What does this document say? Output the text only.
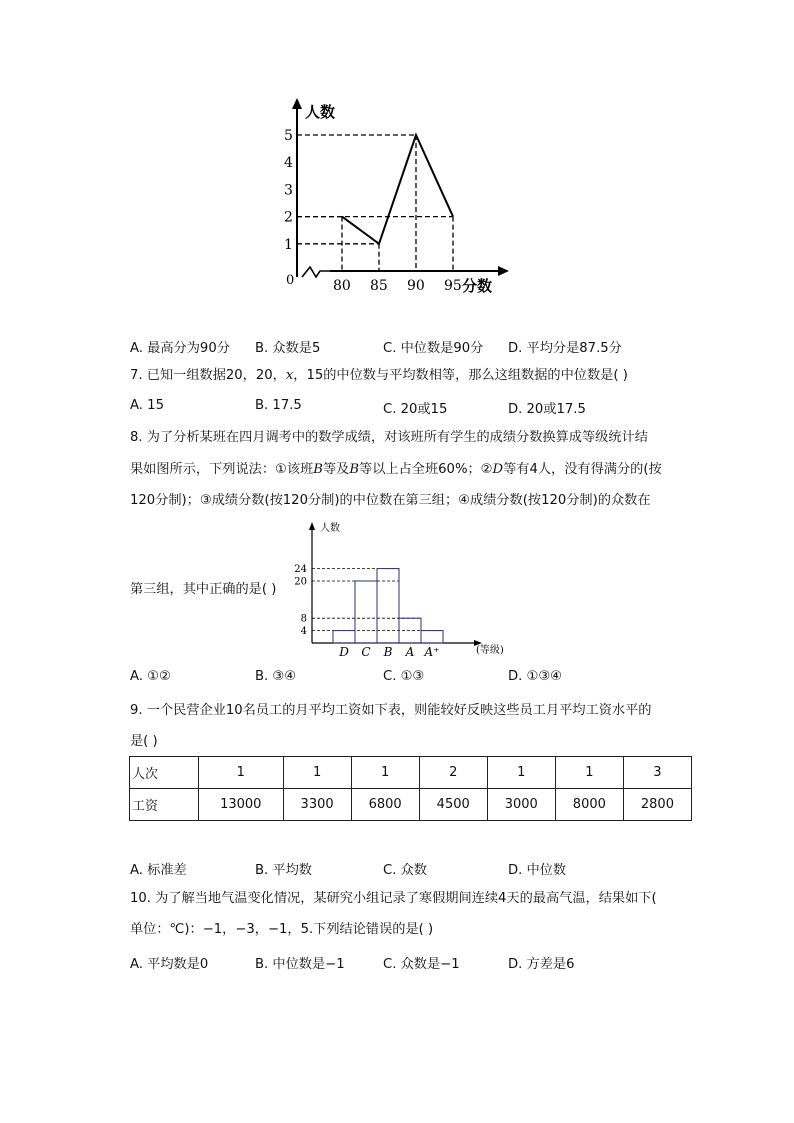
1
2
3
4
5
80 85 90 95
0
人数
分数
A. 最高分为90分 B. 众数是5	C. 中位数是90分 D. 平均分是87.5分
7. 已知一组数据20，20，x，15的中位数与平均数相等，那么这组数据的中位数是( )
A. 15	B. 17.5	C. 20或15	D. 20或17.5
8. 为了分析某班在四月调考中的数学成绩，对该班所有学生的成绩分数换算成等级统计结
果如图所示，下列说法：①该班B等及B等以上占全班60%；②D等有4人，没有得满分的(按
120分制)；③成绩分数(按120分制)的中位数在第三组；④成绩分数(按120分制)的众数在
第三组，其中正确的是( )
24
20
8
4
D C B A A⁺
人数
(等级)
A. ①②	B. ③④	C. ①③	D. ①③④
9. 一个民营企业10名员工的月平均工资如下表，则能较好反映这些员工月平均工资水平的
是( )
人次	1	1	1	2	1	1	3
工资	13000	3300	6800	4500	3000	8000	2800
A. 标准差	B. 平均数	C. 众数	D. 中位数
10. 为了解当地气温变化情况，某研究小组记录了寒假期间连续4天的最高气温，结果如下(
单位：℃)：−1，−3，−1，5.下列结论错误的是( )
A. 平均数是0	B. 中位数是−1	C. 众数是−1	D. 方差是6
